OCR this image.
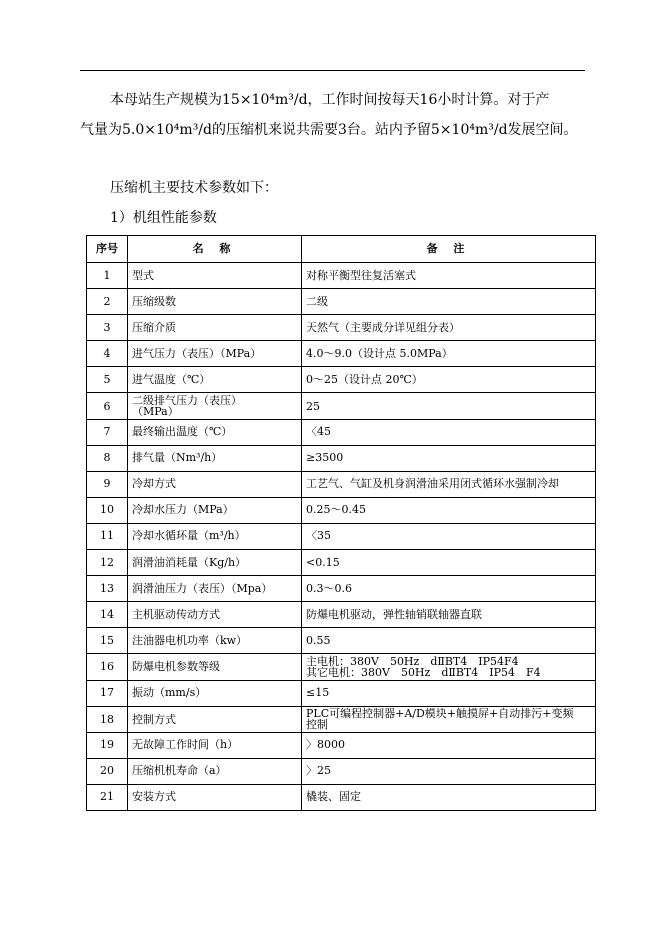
本母站生产规模为15×10⁴m³/d，工作时间按每天16小时计算。对于产
气量为5.0×10⁴m³/d的压缩机来说共需要3台。站内予留5×10⁴m³/d发展空间。
压缩机主要技术参数如下：
1）机组性能参数
序号	名 称	备 注
1	型式	对称平衡型往复活塞式
2	压缩级数	二级
3	压缩介质	天然气（主要成分详见组分表）
4	进气压力（表压）（MPa）	4.0～9.0（设计点 5.0MPa）
5	进气温度（℃）	0～25（设计点 20℃）
6	二级排气压力（表压）
（MPa）	25
7	最终输出温度（℃）	〈45
8	排气量（Nm³/h）	≥3500
9	冷却方式	工艺气、气缸及机身润滑油采用闭式循环水强制冷却
10	冷却水压力（MPa）	0.25～0.45
11	冷却水循环量（m³/h）	〈35
12	润滑油消耗量（Kg/h）	<0.15
13	润滑油压力（表压）（Mpa）	0.3～0.6
14	主机驱动传动方式	防爆电机驱动，弹性轴销联轴器直联
15	注油器电机功率（kw）	0.55
16	防爆电机参数等级	主电机：380V　50Hz　dⅡBT4　IP54F4
其它电机：380V　50Hz　dⅡBT4　IP54　F4

17	振动（mm/s）	≤15
18	控制方式	PLC可编程控制器+A/D模块+触摸屏+自动排污+变频
控制

19	无故障工作时间（h）	〉8000
20	压缩机机寿命（a）	〉25
21	安装方式	橇装、固定
